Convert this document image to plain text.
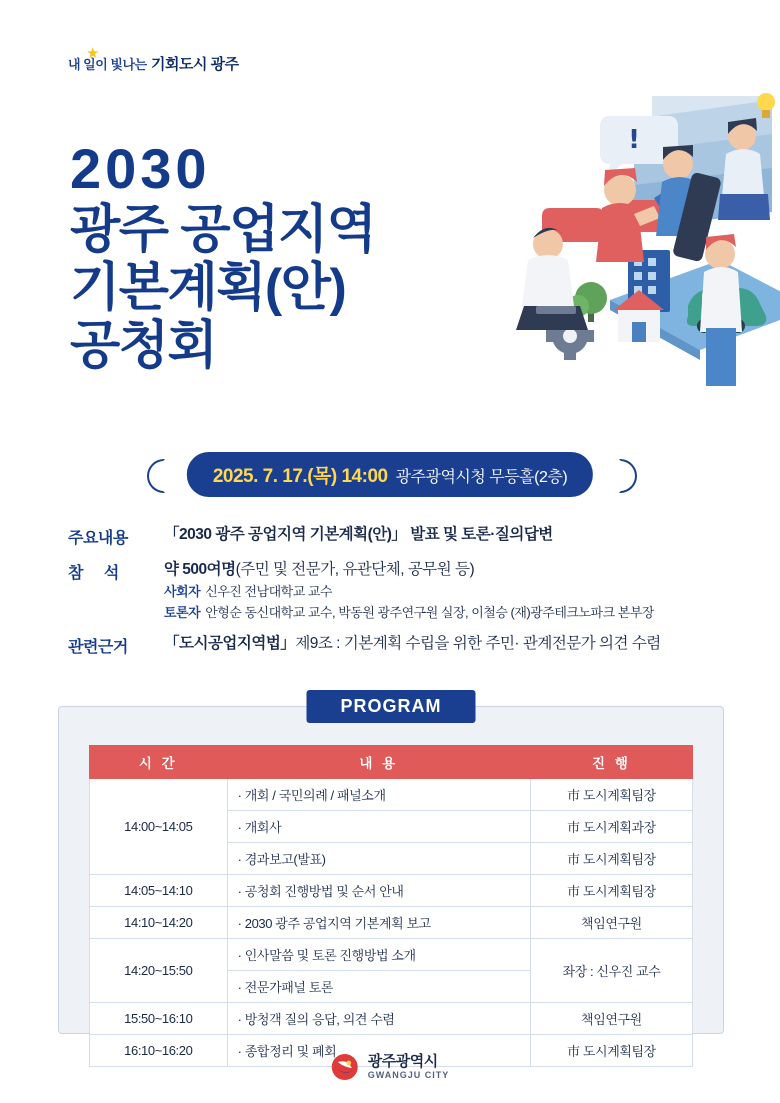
★
내 일이 빛나는 기회도시 광주
!
2030
광주 공업지역
기본계획(안)
공청회
2025. 7. 17.(목) 14:00 광주광역시청 무등홀(2층)
주요내용	「2030 광주 공업지역 기본계획(안)」 발표 및 토론·질의답변
참 석	약 500여명(주민 및 전문가, 유관단체, 공무원 등)
사회자 신우진 전남대학교 교수
토론자 안형순 동신대학교 교수, 박동원 광주연구원 실장, 이철승 (재)광주테크노파크 본부장
관련근거	「도시공업지역법」제9조 : 기본계획 수립을 위한 주민· 관계전문가 의견 수렴
PROGRAM
시 간	내 용	진 행
14:00~14:05	· 개회 / 국민의례 / 패널소개	市 도시계획팀장
	· 개회사	市 도시계획과장
	· 경과보고(발표)	市 도시계획팀장
14:05~14:10	· 공청회 진행방법 및 순서 안내	市 도시계획팀장
14:10~14:20	· 2030 광주 공업지역 기본계획 보고	책임연구원
14:20~15:50	· 인사말씀 및 토론 진행방법 소개	좌장 : 신우진 교수
	· 전문가패널 토론	
15:50~16:10	· 방청객 질의 응답, 의견 수렴	책임연구원
16:10~16:20	· 종합정리 및 폐회	市 도시계획팀장
광주광역시
GWANGJU CITY
